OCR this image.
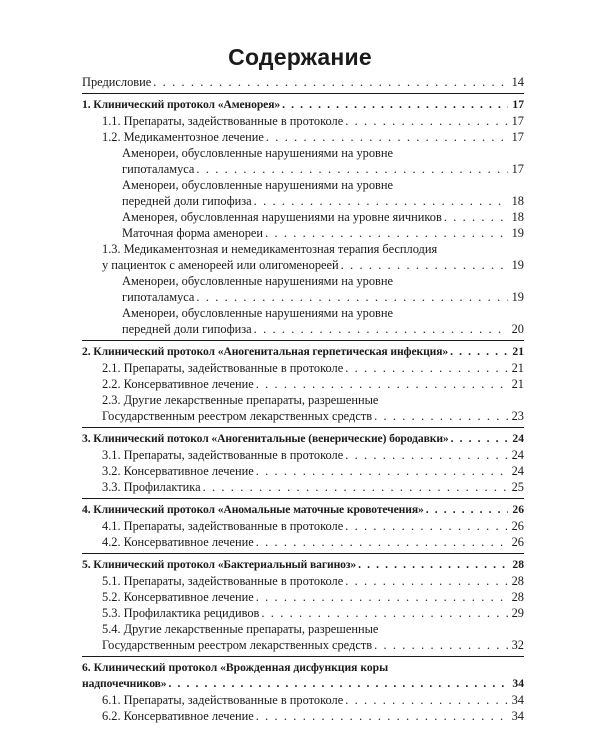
Содержание
Предисловие . . .	14
1. Клинический протокол «Аменорея» . . .	17
1.1. Препараты, задействованные в протоколе . . .	17
1.2. Медикаментозное лечение . . .	17
Аменореи, обусловленные нарушениями на уровне
гипоталамуса . . .	17
Аменореи, обусловленные нарушениями на уровне
передней доли гипофиза . . .	18
Аменорея, обусловленная нарушениями на уровне яичников . . .	18
Маточная форма аменореи . . .	19
1.3. Медикаментозная и немедикаментозная терапия бесплодия
у пациенток с аменореей или олигоменореей . . .	19
Аменореи, обусловленные нарушениями на уровне
гипоталамуса . . .	19
Аменореи, обусловленные нарушениями на уровне
передней доли гипофиза . . .	20
2. Клинический протокол «Аногенитальная герпетическая инфекция» . . .	21
2.1. Препараты, задействованные в протоколе . . .	21
2.2. Консервативное лечение . . .	21
2.3. Другие лекарственные препараты, разрешенные
Государственным реестром лекарственных средств . . .	23
3. Клинический потокол «Аногенитальные (венерические) бородавки» . . .	24
3.1. Препараты, задействованные в протоколе . . .	24
3.2. Консервативное лечение . . .	24
3.3. Профилактика . . .	25
4. Клинический протокол «Аномальные маточные кровотечения» . . .	26
4.1. Препараты, задействованные в протоколе . . .	26
4.2. Консервативное лечение . . .	26
5. Клинический протокол «Бактериальный вагиноз» . . .	28
5.1. Препараты, задействованные в протоколе . . .	28
5.2. Консервативное лечение . . .	28
5.3. Профилактика рецидивов . . .	29
5.4. Другие лекарственные препараты, разрешенные
Государственным реестром лекарственных средств . . .	32
6. Клинический протокол «Врожденная дисфункция коры
надпочечников» . . .	34
6.1. Препараты, задействованные в протоколе . . .	34
6.2. Консервативное лечение . . .	34
